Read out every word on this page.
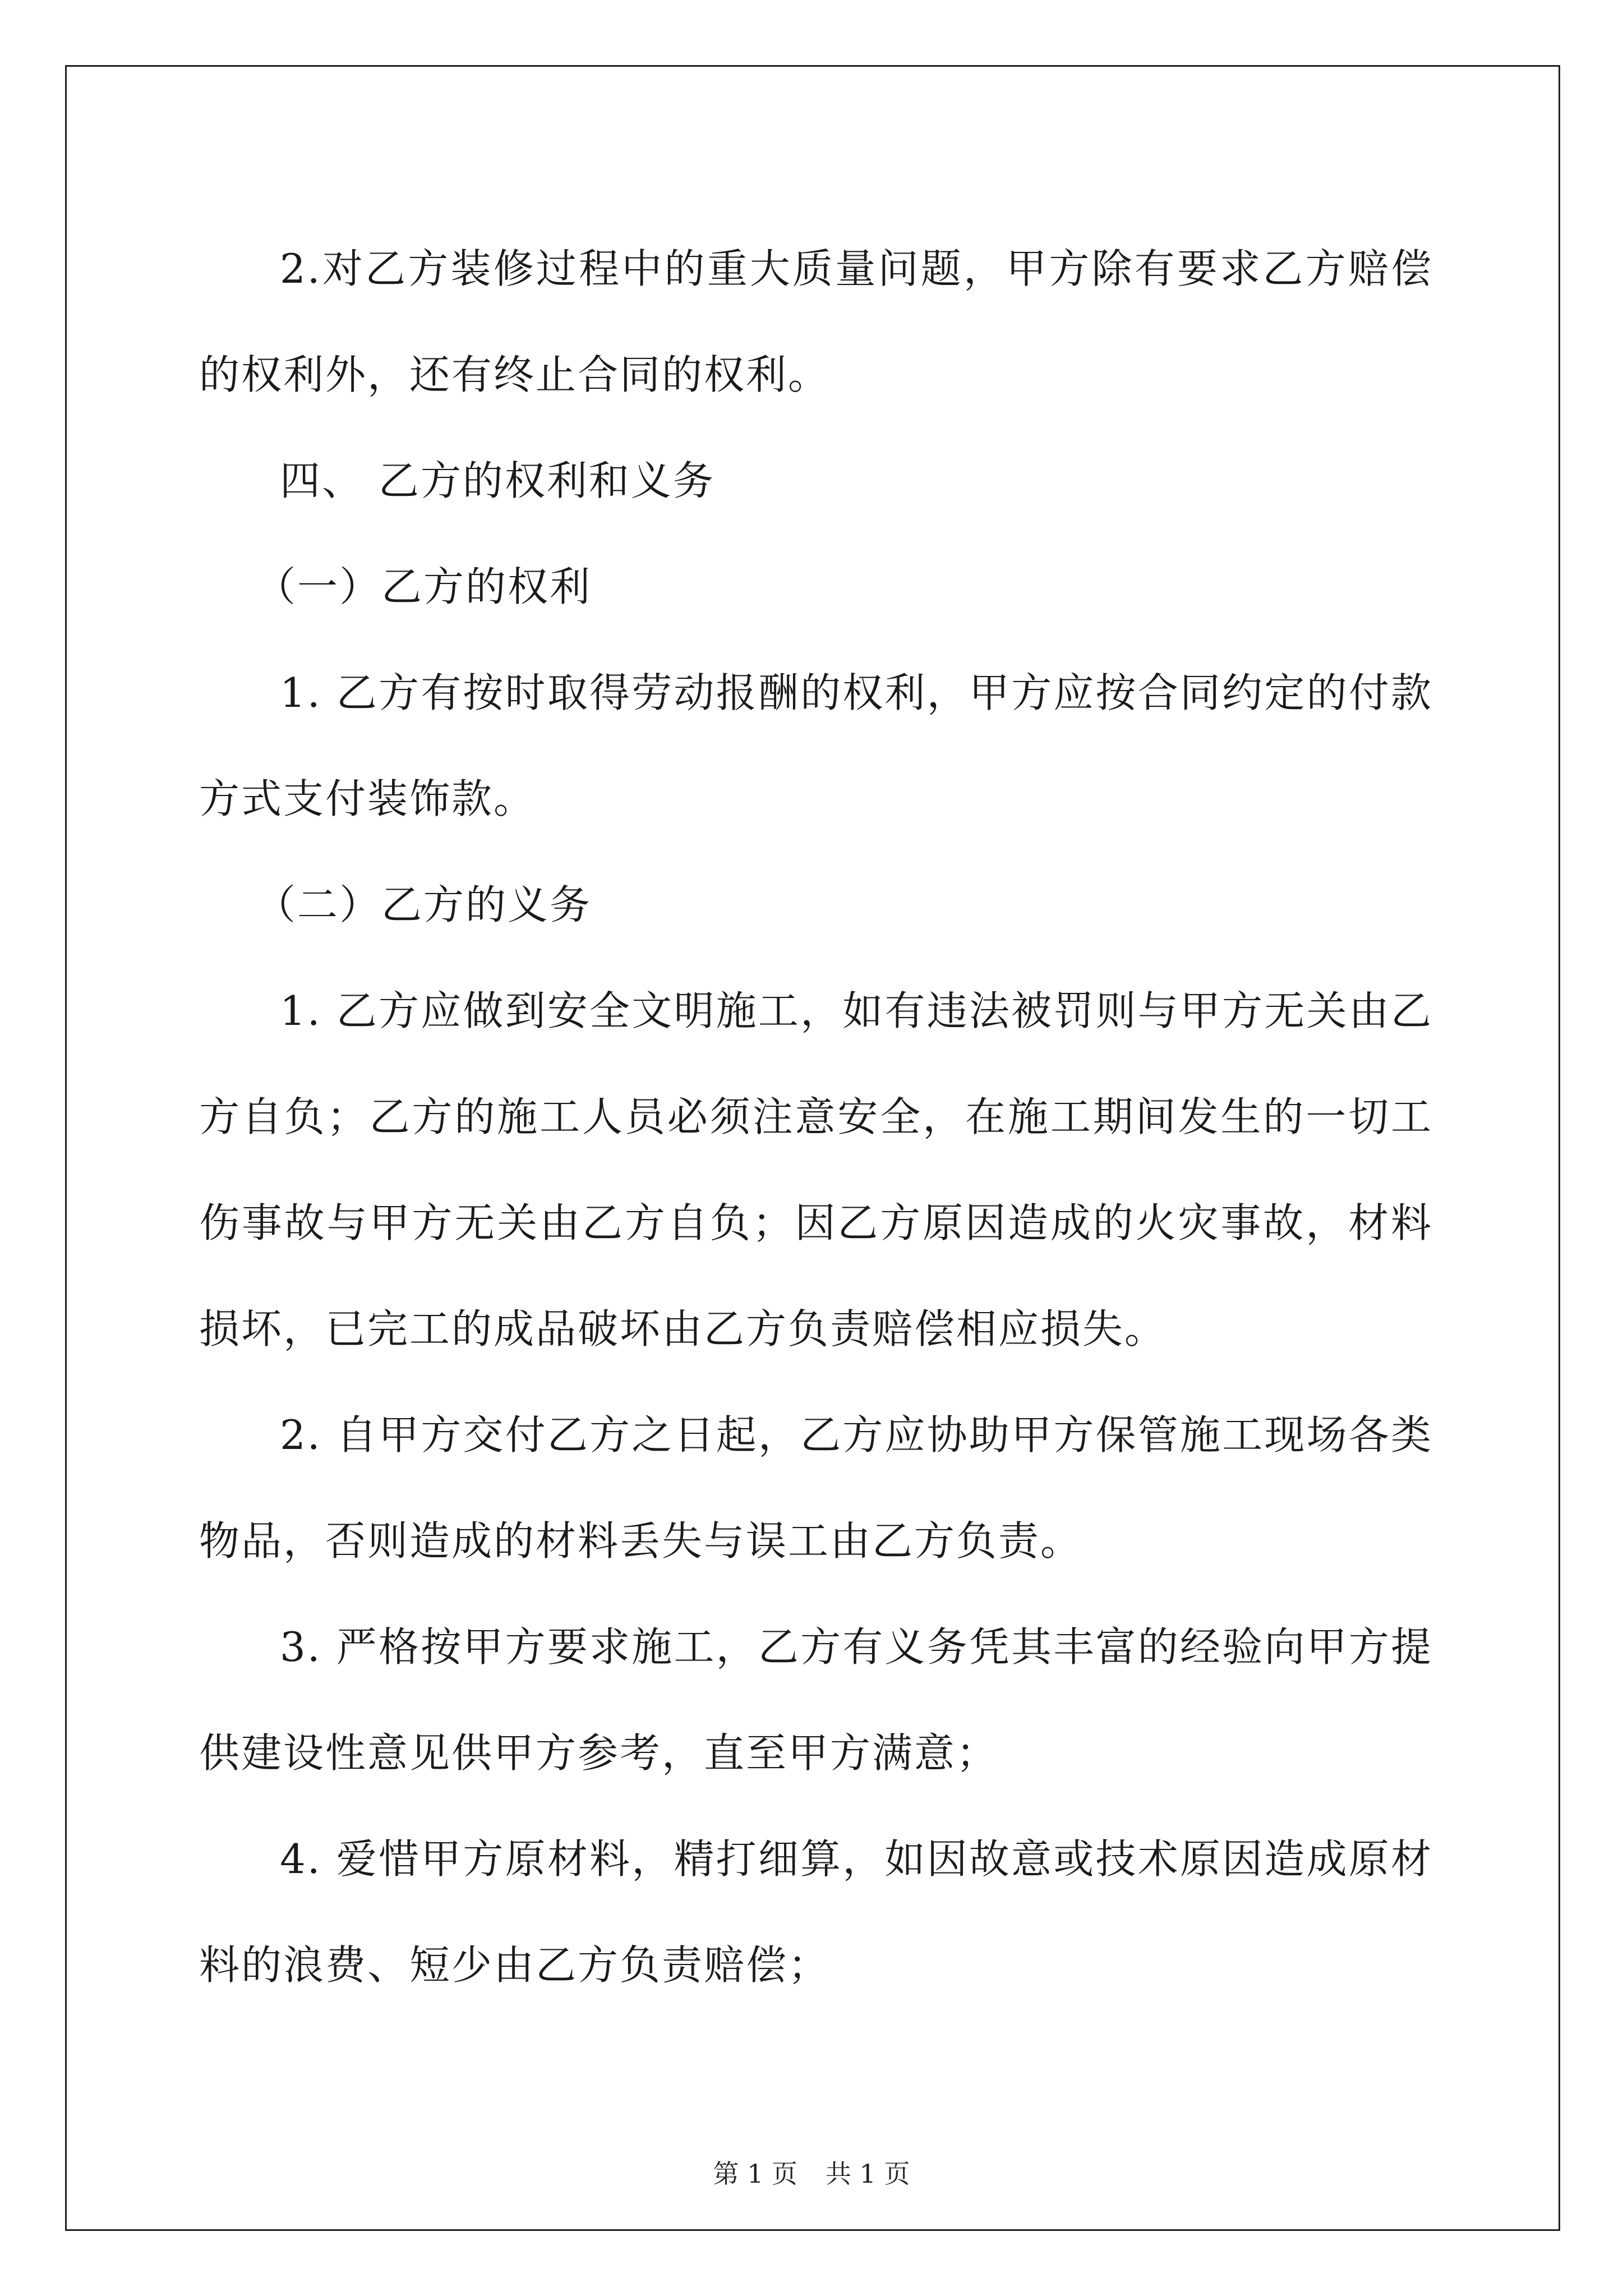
2.对乙方装修过程中的重大质量问题，甲方除有要求乙方赔偿的权利外，还有终止合同的权利。

四、 乙方的权利和义务

（一）乙方的权利

1. 乙方有按时取得劳动报酬的权利，甲方应按合同约定的付款方式支付装饰款。

（二）乙方的义务

1. 乙方应做到安全文明施工，如有违法被罚则与甲方无关由乙方自负；乙方的施工人员必须注意安全，在施工期间发生的一切工伤事故与甲方无关由乙方自负；因乙方原因造成的火灾事故，材料损坏，已完工的成品破坏由乙方负责赔偿相应损失。

2. 自甲方交付乙方之日起，乙方应协助甲方保管施工现场各类物品，否则造成的材料丢失与误工由乙方负责。

3. 严格按甲方要求施工，乙方有义务凭其丰富的经验向甲方提供建设性意见供甲方参考，直至甲方满意；

4. 爱惜甲方原材料，精打细算，如因故意或技术原因造成原材料的浪费、短少由乙方负责赔偿；

第 1 页 共 1 页
